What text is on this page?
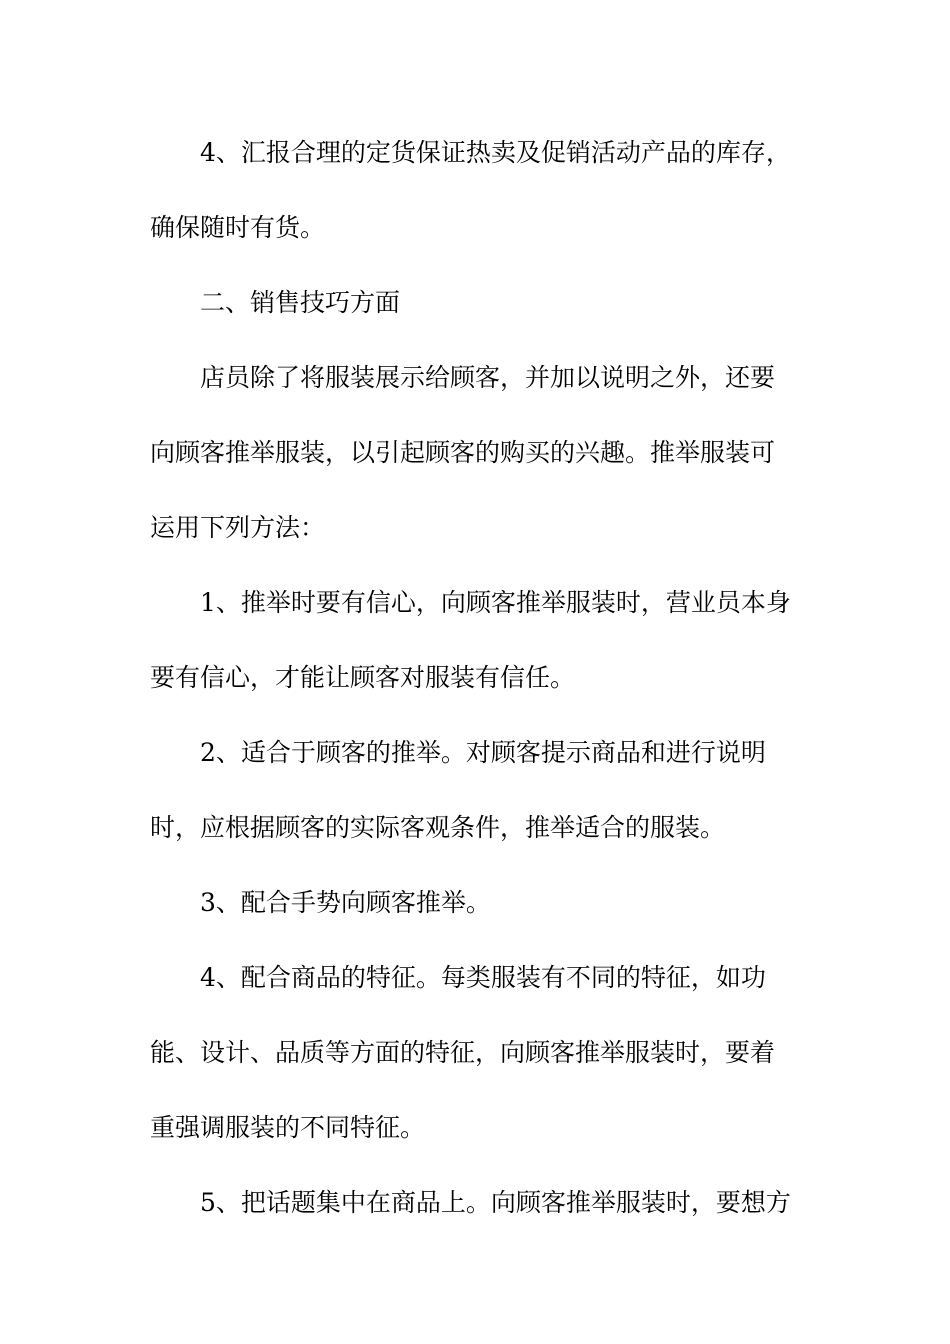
4、汇报合理的定货保证热卖及促销活动产品的库存，

确保随时有货。

二、销售技巧方面

店员除了将服装展示给顾客，并加以说明之外，还要

向顾客推举服装，以引起顾客的购买的兴趣。推举服装可

运用下列方法：

1、推举时要有信心，向顾客推举服装时，营业员本身

要有信心，才能让顾客对服装有信任。

2、适合于顾客的推举。对顾客提示商品和进行说明

时，应根据顾客的实际客观条件，推举适合的服装。

3、配合手势向顾客推举。

4、配合商品的特征。每类服装有不同的特征，如功

能、设计、品质等方面的特征，向顾客推举服装时，要着

重强调服装的不同特征。

5、把话题集中在商品上。向顾客推举服装时，要想方
